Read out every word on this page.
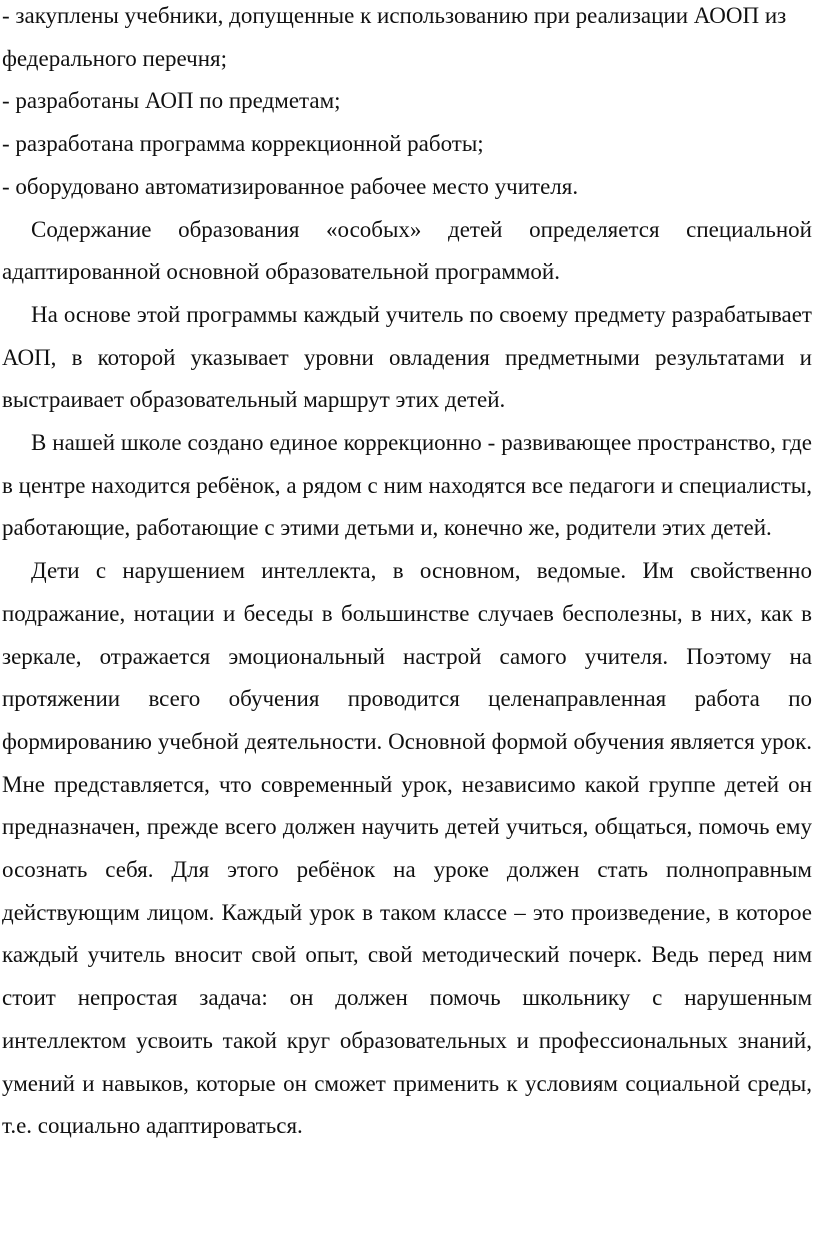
- закуплены учебники, допущенные к использованию при реализации АООП из федерального перечня;
- разработаны АОП по предметам;
- разработана программа коррекционной работы;
- оборудовано автоматизированное рабочее место учителя.

Содержание образования «особых» детей определяется специальной адаптированной основной образовательной программой.

На основе этой программы каждый учитель по своему предмету разрабатывает АОП, в которой указывает уровни овладения предметными результатами и выстраивает образовательный маршрут этих детей.

В нашей школе создано единое коррекционно - развивающее пространство, где в центре находится ребёнок, а рядом с ним находятся все педагоги и специалисты, работающие, работающие с этими детьми и, конечно же, родители этих детей.

Дети с нарушением интеллекта, в основном, ведомые. Им свойственно подражание, нотации и беседы в большинстве случаев бесполезны, в них, как в зеркале, отражается эмоциональный настрой самого учителя. Поэтому на протяжении всего обучения проводится целенаправленная работа по формированию учебной деятельности. Основной формой обучения является урок. Мне представляется, что современный урок, независимо какой группе детей он предназначен, прежде всего должен научить детей учиться, общаться, помочь ему осознать себя. Для этого ребёнок на уроке должен стать полноправным действующим лицом. Каждый урок в таком классе – это произведение, в которое каждый учитель вносит свой опыт, свой методический почерк. Ведь перед ним стоит непростая задача: он должен помочь школьнику с нарушенным интеллектом усвоить такой круг образовательных и профессиональных знаний, умений и навыков, которые он сможет применить к условиям социальной среды, т.е. социально адаптироваться.
